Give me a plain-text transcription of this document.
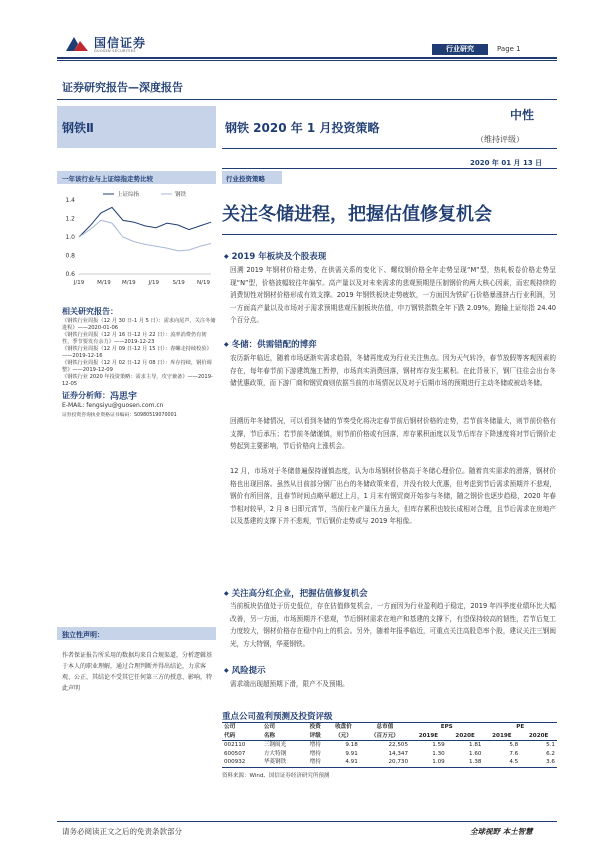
国信证券
GUOSEN SECURITIES	行业研究	Page 1
证券研究报告—深度报告
钢铁Ⅱ	钢铁 2020 年 1 月投资策略
中性
（维持评级）
2020 年 01 月 13 日
一年该行业与上证综指走势比较
1.4
1.2
1.0
0.8
0.6
J/19 M/19 M/19 J/19 S/19 N/19
上证综指	钢铁
相关研究报告：
证券分析师： 冯思宇
E-MAIL: fengsiyu@guosen.com.cn
证券投资咨询执业资格证书编码：S0980519070001
独立性声明：
作者保证报告所采用的数据均来自合规渠道，分析逻辑基于本人的职业理解，通过合理判断并得出结论，力求客观、公正，其结论不受其它任何第三方的授意、影响，特此声明
行业投资策略
关注冬储进程，把握估值修复机会
◆ 2019 年板块及个股表现
回溯 2019 年钢材价格走势，在供需关系的变化下、螺纹钢价格全年走势呈现“M”型，热轧板卷价格走势呈现“N”型，价格波幅较往年偏窄。高产量以及对未来需求的悲观预期是压制钢价的两大核心因素，而宏观持续的消费韧性对钢材价格形成有效支撑。2019 年钢铁板块走势疲软，一方面因为铁矿石价格暴涨挤占行业利润，另一方面高产量以及市场对于需求预期悲观压制板块估值，申万钢铁指数全年下跌 2.09%，跑输上证综指 24.40 个百分点。
◆ 冬储：供需错配的博弈
农历新年临近，随着市场逐渐实需求趋弱，冬储再度成为行业关注焦点。因为天气转冷，春节放假等客观因素的存在，每年春节前下游建筑施工暂停，市场真实消费回落，钢材库存发生累积。在此背景下，钢厂往往会出台冬储优惠政策，而下游厂商和钢贸商则依据当前的市场情况以及对于后期市场的预期进行主动冬储或被动冬储。
回溯历年冬储情况，可以看到冬储的节奏受化将决定春节前后钢材价格的走势，若节前冬储量大，则节前价格有支撑，节后承压；若节前冬储谨慎，则节前价格或有回落，库存累积面度以及节后库存下降速度将对节后钢价走势起到主要影响，节后价格向上涨机会。
12 月，市场对于冬储普遍保持谨慎态度，认为市场钢材价格高于冬储心理价位。随着真实需求的滑落，钢材价格也出现回落。虽然从目前部分钢厂出台的冬储政策来看，并没有较大优惠，但考虑到节后需求预期并不悲观，钢价有所回落，且春节时间点略早超过上月，1 月末有钢贸商开始参与冬储，随之钢价也逐步趋稳，2020 年春节相对较早，2 月 8 日即元宵节，当前行业产量压力虽大，但库存累积也较长成相对合理，且节后需求在房地产以及基建的支撑下并不悲观，节后钢价走势或与 2019 年相像。
◆ 关注高分红企业，把握估值修复机会
当前板块估值处于历史低位，存在估值修复机会，一方面因为行业盈利趋于稳定，2019 年四季度业绩环比大幅改善，另一方面，市场预期并不悲观，节后钢材需求在地产和基建的支撑下，有望保持较高的韧性，若节后复工力度较大，钢材价格存在稳中向上的机会。另外，随着年报季临近，可重点关注高股息率个股，建议关注三钢闽光，方大特钢，华菱钢铁。
◆ 风险提示
需求端出现超预期下滑，限产不及预期。
重点公司盈利预测及投资评级
公司	公司	投资	收盘价	总市值	EPS		PE	
代码	名称	评级	（元）	（百万元）	2019E	2020E	2019E	2020E
002110	三钢闽光	增持	9.18	22,505	1.59	1.81	5.8	5.1
600507	方大特钢	增持	9.91	14,347	1.30	1.60	7.6	6.2
000932	华菱钢铁	增持	4.91	20,730	1.09	1.38	4.5	3.6
资料来源：Wind、国信证券经济研究所预测
请务必阅读正文之后的免责条款部分	全球视野 本土智慧
《钢铁行业周报（12 月 30 日-1 月 5 日）：需求向尾声，关注冬储进程》——2020-01-06
《钢铁行业周报（12 月 16 日-12 月 22 日）：流率消费仍有韧性，季节要发有余力》——2019-12-23
《钢铁行业周报（12 月 09 日-12 月 15 日）：春螺走持续校验》——2019-12-16
《钢铁行业周报（12 月 02 日-12 月 08 日）：库存持续，钢价调整》——2019-12-09
《钢铁行业 2020 年投资策略：需求主导，攻守兼备》——2019-12-05
